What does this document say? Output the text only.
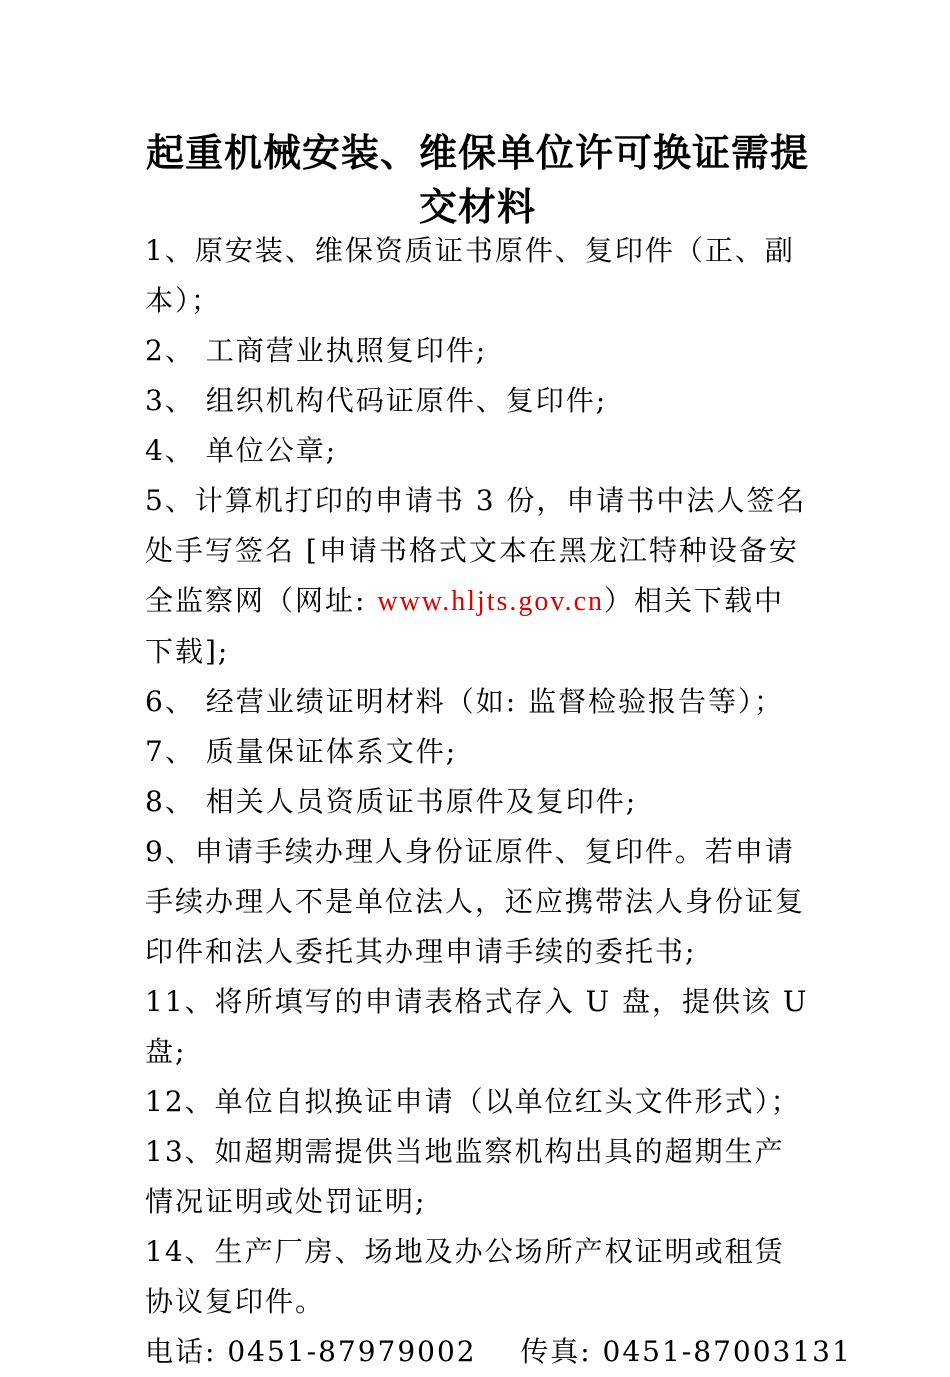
起重机械安装、维保单位许可换证需提交材料

1、原安装、维保资质证书原件、复印件（正、副本）；

2、 工商营业执照复印件;

3、 组织机构代码证原件、复印件;

4、 单位公章;

5、计算机打印的申请书 3 份，申请书中法人签名处手写签名 [申请书格式文本在黑龙江特种设备安全监察网（网址: www.hljts.gov.cn）相关下载中下载];

6、 经营业绩证明材料（如: 监督检验报告等）；

7、 质量保证体系文件;

8、 相关人员资质证书原件及复印件;

9、申请手续办理人身份证原件、复印件。若申请手续办理人不是单位法人，还应携带法人身份证复印件和法人委托其办理申请手续的委托书;

11、将所填写的申请表格式存入 U 盘，提供该 U 盘;

12、单位自拟换证申请（以单位红头文件形式）；

13、如超期需提供当地监察机构出具的超期生产情况证明或处罚证明;

14、生产厂房、场地及办公场所产权证明或租赁协议复印件。

电话: 0451-87979002 传真: 0451-87003131
